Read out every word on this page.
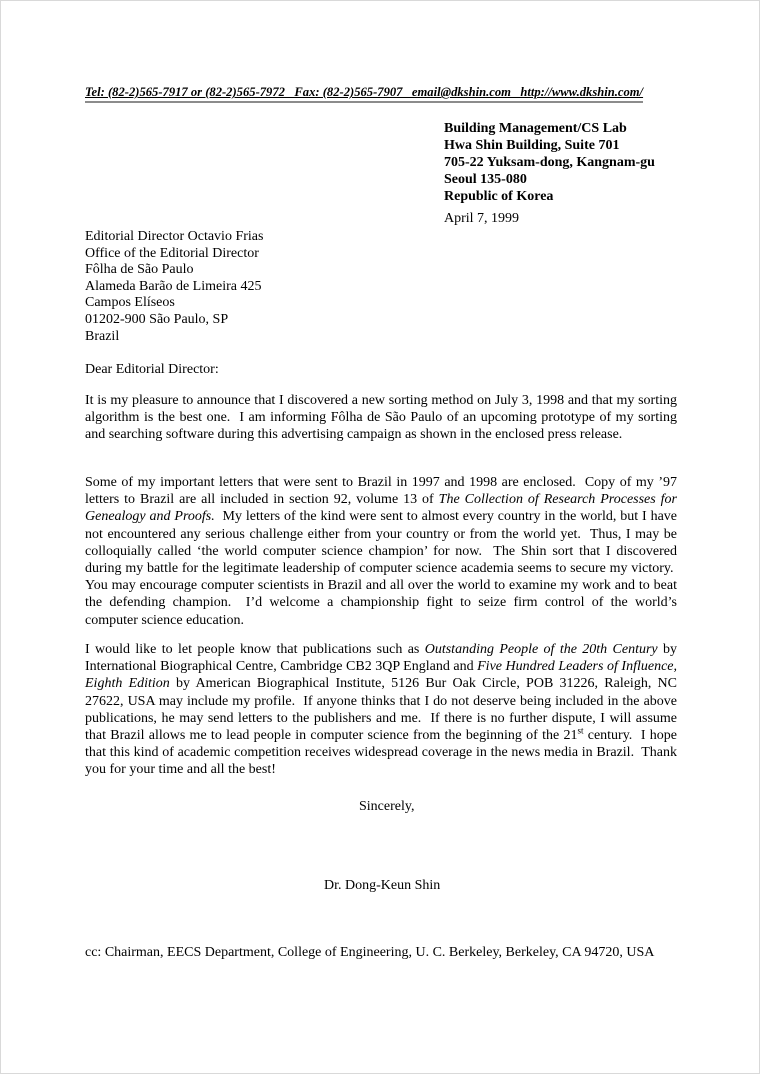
Tel: (82-2)565-7917 or (82-2)565-7972   Fax: (82-2)565-7907   email@dkshin.com   http://www.dkshin.com/
Building Management/CS Lab
Hwa Shin Building, Suite 701
705-22 Yuksam-dong, Kangnam-gu
Seoul 135-080
Republic of Korea
April 7, 1999
Editorial Director Octavio Frias
Office of the Editorial Director
Fôlha de São Paulo
Alameda Barão de Limeira 425
Campos Elíseos
01202-900 São Paulo, SP
Brazil
Dear Editorial Director:

It is my pleasure to announce that I discovered a new sorting method on July 3, 1998 and that my sorting algorithm is the best one.  I am informing Fôlha de São Paulo of an upcoming prototype of my sorting and searching software during this advertising campaign as shown in the enclosed press release.

Some of my important letters that were sent to Brazil in 1997 and 1998 are enclosed.  Copy of my ’97 letters to Brazil are all included in section 92, volume 13 of The Collection of Research Processes for Genealogy and Proofs.  My letters of the kind were sent to almost every country in the world, but I have not encountered any serious challenge either from your country or from the world yet.  Thus, I may be colloquially called ‘the world computer science champion’ for now.  The Shin sort that I discovered during my battle for the legitimate leadership of computer science academia seems to secure my victory.  You may encourage computer scientists in Brazil and all over the world to examine my work and to beat the defending champion.  I’d welcome a championship fight to seize firm control of the world’s computer science education.

I would like to let people know that publications such as Outstanding People of the 20th Century by International Biographical Centre, Cambridge CB2 3QP England and Five Hundred Leaders of Influence, Eighth Edition by American Biographical Institute, 5126 Bur Oak Circle, POB 31226, Raleigh, NC 27622, USA may include my profile.  If anyone thinks that I do not deserve being included in the above publications, he may send letters to the publishers and me.  If there is no further dispute, I will assume that Brazil allows me to lead people in computer science from the beginning of the 21st century.  I hope that this kind of academic competition receives widespread coverage in the news media in Brazil.  Thank you for your time and all the best!

Sincerely,
Dr. Dong-Keun Shin
cc: Chairman, EECS Department, College of Engineering, U. C. Berkeley, Berkeley, CA 94720, USA
